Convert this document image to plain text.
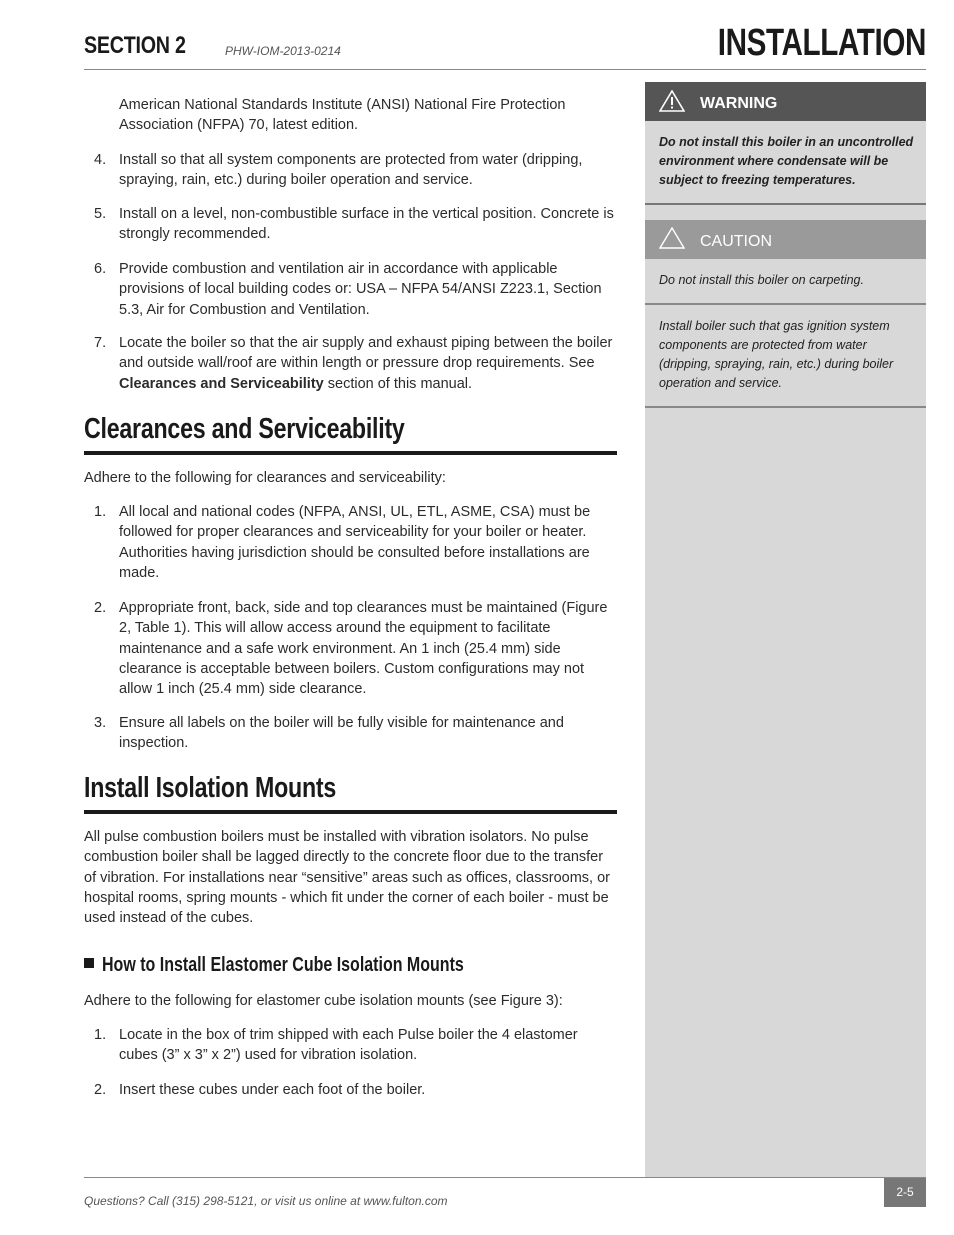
SECTION 2	PHW-IOM-2013-0214	INSTALLATION
WARNING
Do not install this boiler in an uncontrolled environment where condensate will be subject to freezing temperatures.
CAUTION
Do not install this boiler on carpeting.
Install boiler such that gas ignition system components are protected from water (dripping, spraying, rain, etc.) during boiler operation and service.
American National Standards Institute (ANSI) National Fire Protection Association (NFPA) 70, latest edition.
4. Install so that all system components are protected from water (dripping, spraying, rain, etc.) during boiler operation and service.
5. Install on a level, non-combustible surface in the vertical position. Concrete is strongly recommended.
6. Provide combustion and ventilation air in accordance with applicable provisions of local building codes or: USA – NFPA 54/ANSI Z223.1, Section 5.3, Air for Combustion and Ventilation.
7. Locate the boiler so that the air supply and exhaust piping between the boiler and outside wall/roof are within length or pressure drop requirements. See Clearances and Serviceability section of this manual.
Clearances and Serviceability
Adhere to the following for clearances and serviceability:
1. All local and national codes (NFPA, ANSI, UL, ETL, ASME, CSA) must be followed for proper clearances and serviceability for your boiler or heater. Authorities having jurisdiction should be consulted before installations are made.
2. Appropriate front, back, side and top clearances must be maintained (Figure 2, Table 1). This will allow access around the equipment to facilitate maintenance and a safe work environment. An 1 inch (25.4 mm) side clearance is acceptable between boilers. Custom configurations may not allow 1 inch (25.4 mm) side clearance.
3. Ensure all labels on the boiler will be fully visible for maintenance and inspection.
Install Isolation Mounts
All pulse combustion boilers must be installed with vibration isolators. No pulse combustion boiler shall be lagged directly to the concrete floor due to the transfer of vibration. For installations near “sensitive” areas such as offices, classrooms, or hospital rooms, spring mounts - which fit under the corner of each boiler - must be used instead of the cubes.
How to Install Elastomer Cube Isolation Mounts
Adhere to the following for elastomer cube isolation mounts (see Figure 3):
1. Locate in the box of trim shipped with each Pulse boiler the 4 elastomer cubes (3” x 3” x 2”) used for vibration isolation.
2. Insert these cubes under each foot of the boiler.
Questions? Call (315) 298-5121, or visit us online at www.fulton.com
2-5
